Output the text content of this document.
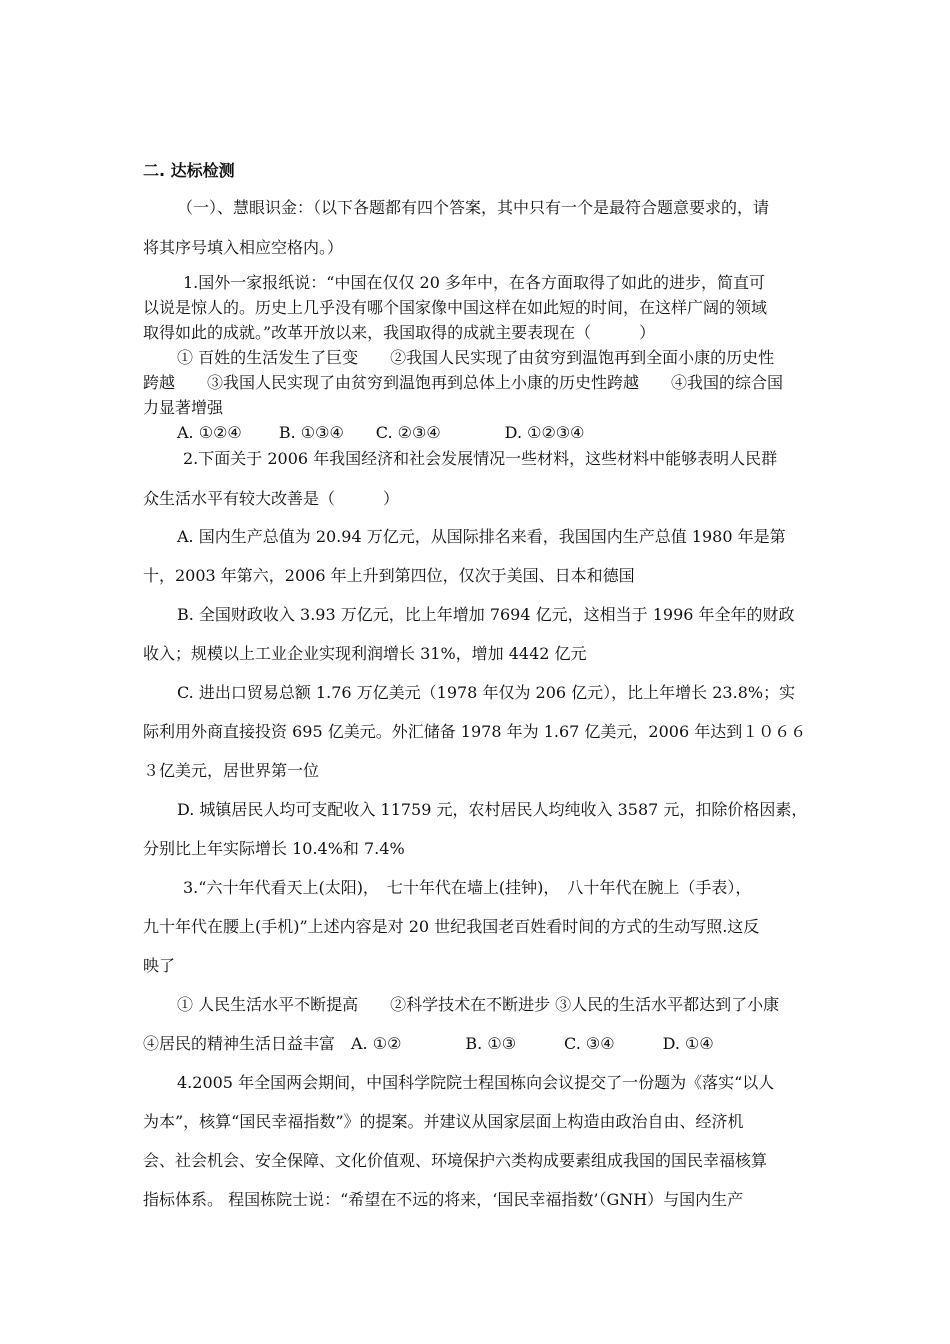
二. 达标检测
（一）、慧眼识金：（以下各题都有四个答案，其中只有一个是最符合题意要求的，请
将其序号填入相应空格内。）
1.国外一家报纸说：“中国在仅仅 20 多年中，在各方面取得了如此的进步，简直可
以说是惊人的。历史上几乎没有哪个国家像中国这样在如此短的时间，在这样广阔的领域
取得如此的成就。”改革开放以来，我国取得的成就主要表现在（　　　）
① 百姓的生活发生了巨变　　②我国人民实现了由贫穷到温饱再到全面小康的历史性
跨越　　③我国人民实现了由贫穷到温饱再到总体上小康的历史性跨越　　④我国的综合国
力显著增强
A. ①②④　　 B. ①③④　　C. ②③④　　　　D. ①②③④
2.下面关于 2006 年我国经济和社会发展情况一些材料，这些材料中能够表明人民群
众生活水平有较大改善是（　　　）
A. 国内生产总值为 20.94 万亿元，从国际排名来看，我国国内生产总值 1980 年是第
十，2003 年第六，2006 年上升到第四位，仅次于美国、日本和德国
B. 全国财政收入 3.93 万亿元，比上年增加 7694 亿元，这相当于 1996 年全年的财政
收入；规模以上工业企业实现利润增长 31%，增加 4442 亿元
C. 进出口贸易总额 1.76 万亿美元（1978 年仅为 206 亿元），比上年增长 23.8%；实
际利用外商直接投资 695 亿美元。外汇储备 1978 年为 1.67 亿美元，2006 年达到１０６６
３亿美元，居世界第一位
D. 城镇居民人均可支配收入 11759 元，农村居民人均纯收入 3587 元，扣除价格因素，
分别比上年实际增长 10.4%和 7.4%
3.“六十年代看天上(太阳)，　七十年代在墙上(挂钟)，　八十年代在腕上（手表），
九十年代在腰上(手机)”上述内容是对 20 世纪我国老百姓看时间的方式的生动写照.这反
映了
① 人民生活水平不断提高　　②科学技术在不断进步 ③人民的生活水平都达到了小康
④居民的精神生活日益丰富　A. ①②　　　　B. ①③　　　C. ③④　　　D. ①④
4.2005 年全国两会期间，中国科学院院士程国栋向会议提交了一份题为《落实“以人
为本”，核算“国民幸福指数”》的提案。并建议从国家层面上构造由政治自由、经济机
会、社会机会、安全保障、文化价值观、环境保护六类构成要素组成我国的国民幸福核算
指标体系。 程国栋院士说：“希望在不远的将来，‘国民幸福指数’（GNH）与国内生产
